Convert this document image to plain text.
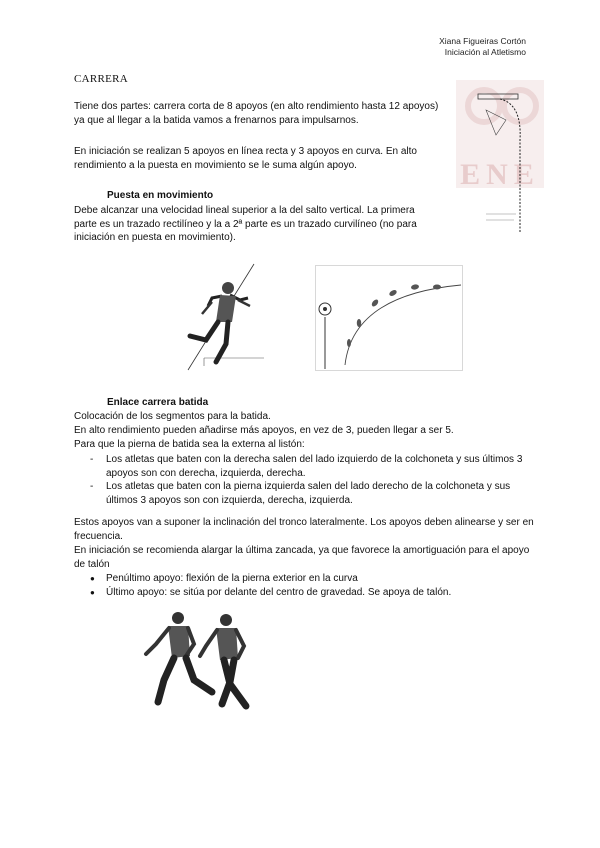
Xiana Figueiras Cortón
Iniciación al Atletismo
CARRERA

Tiene dos partes: carrera corta de 8 apoyos (en alto rendimiento hasta 12 apoyos) ya que al llegar a la batida vamos a frenarnos para impulsarnos.

En iniciación se realizan 5 apoyos en línea recta y 3 apoyos en curva. En alto rendimiento a la puesta en movimiento se le suma algún apoyo.	ENE
Puesta en movimiento

Debe alcanzar una velocidad lineal superior a la del salto vertical. La primera parte es un trazado rectilíneo y la a 2ª parte es un trazado curvilíneo (no para iniciación en puesta en movimiento).

Enlace carrera batida

Colocación de los segmentos para la batida.

En alto rendimiento pueden añadirse más apoyos, en vez de 3, pueden llegar a ser 5.

Para que la pierna de batida sea la externa al listón:

- Los atletas que baten con la derecha salen del lado izquierdo de la colchoneta y sus últimos 3 apoyos son con derecha, izquierda, derecha.
- Los atletas que baten con la pierna izquierda salen del lado derecho de la colchoneta y sus últimos 3 apoyos son con izquierda, derecha, izquierda.

Estos apoyos van a suponer la inclinación del tronco lateralmente. Los apoyos deben alinearse y ser en frecuencia.

En iniciación se recomienda alargar la última zancada, ya que favorece la amortiguación para el apoyo de talón

● Penúltimo apoyo: flexión de la pierna exterior en la curva
● Último apoyo: se sitúa por delante del centro de gravedad. Se apoya de talón.
